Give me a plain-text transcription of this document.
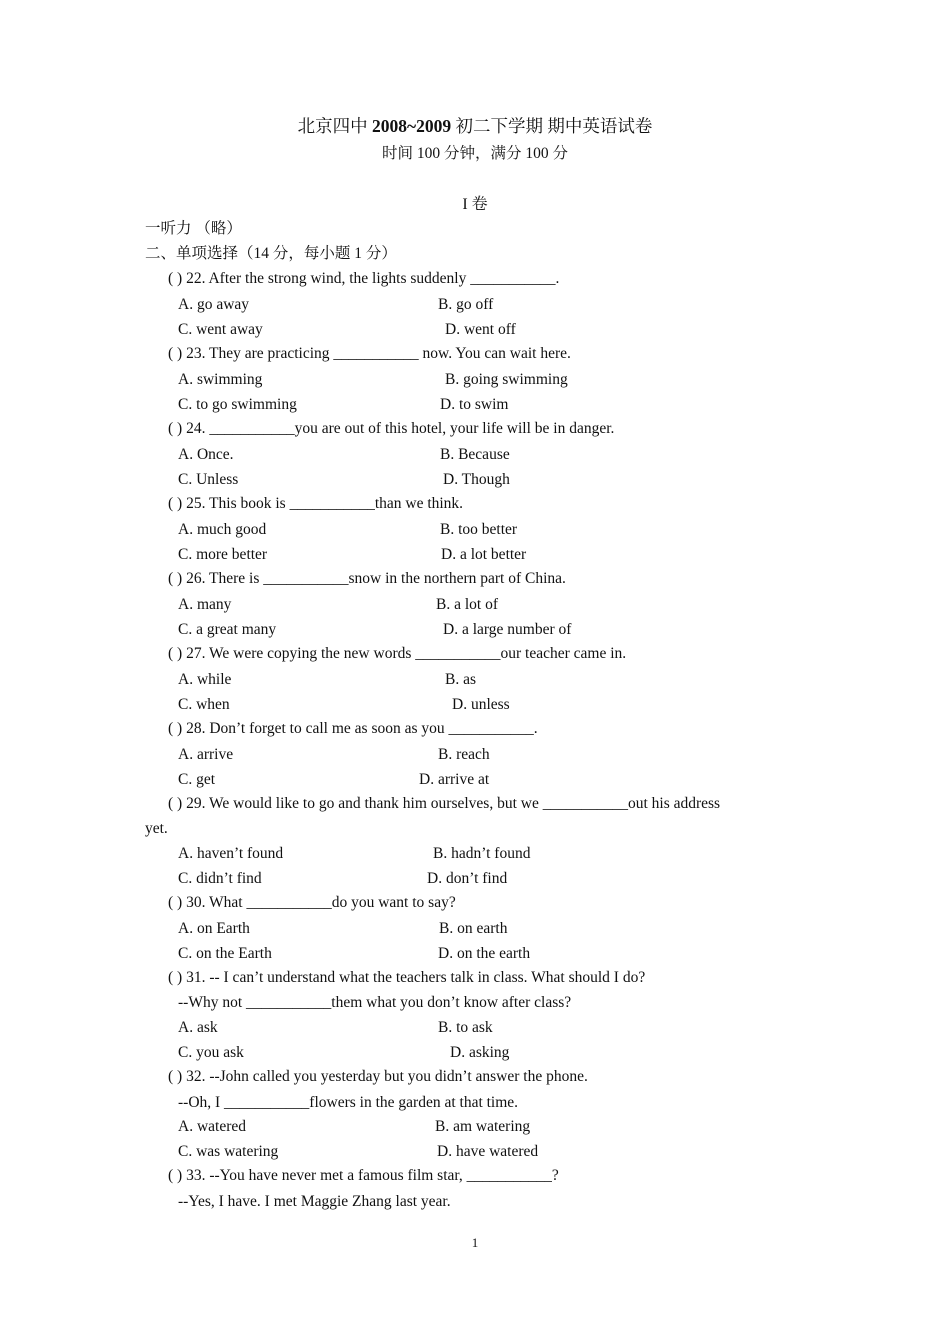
北京四中 2008~2009 初二下学期 期中英语试卷
时间 100 分钟，满分 100 分
I 卷
一听力 （略）
二、单项选择（14 分，每小题 1 分）
( ) 22. After the strong wind, the lights suddenly ___________.
A. go away	B. go off
C. went away	D. went off
( ) 23. They are practicing ___________ now. You can wait here.
A. swimming	B. going swimming
C. to go swimming	D. to swim
( ) 24. ___________you are out of this hotel, your life will be in danger.
A. Once.	B. Because
C. Unless	D. Though
( ) 25. This book is ___________than we think.
A. much good	B. too better
C. more better	D. a lot better
( ) 26. There is ___________snow in the northern part of China.
A. many	B. a lot of
C. a great many	D. a large number of
( ) 27. We were copying the new words ___________our teacher came in.
A. while	B. as
C. when	D. unless
( ) 28. Don’t forget to call me as soon as you ___________.
A. arrive	B. reach
C. get	D. arrive at
( ) 29. We would like to go and thank him ourselves, but we ___________out his address
yet.
A. haven’t found	B. hadn’t found
C. didn’t find	D. don’t find
( ) 30. What ___________do you want to say?
A. on Earth	B. on earth
C. on the Earth	D. on the earth
( ) 31. -- I can’t understand what the teachers talk in class. What should I do?
--Why not ___________them what you don’t know after class?
A. ask	B. to ask
C. you ask	D. asking
( ) 32. --John called you yesterday but you didn’t answer the phone.
--Oh, I ___________flowers in the garden at that time.
A. watered	B. am watering
C. was watering	D. have watered
( ) 33. --You have never met a famous film star, ___________?
--Yes, I have. I met Maggie Zhang last year.
1
